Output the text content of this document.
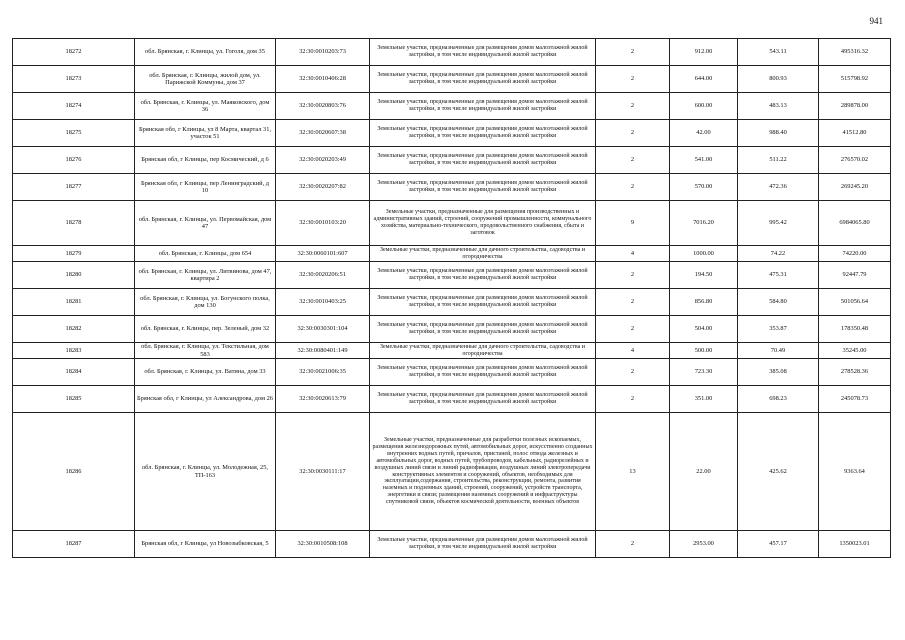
941
18272	обл. Брянская, г. Клинцы, ул. Гоголя, дом 35	32:30:0010203:73	Земельные участки, предназначенные для размещения домов малоэтажной жилой застройки, в том числе индивидуальной жилой застройки	2	912.00	543.11	495316.32
18273	обл. Брянская, г. Клинцы, жилой дом, ул. Парижской Коммуны, дом 37	32:30:0010406:28	Земельные участки, предназначенные для размещения домов малоэтажной жилой застройки, в том числе индивидуальной жилой застройки	2	644.00	800.93	515798.92
18274	обл. Брянская, г. Клинцы, ул. Маяковского, дом 36	32:30:0020803:76	Земельные участки, предназначенные для размещения домов малоэтажной жилой застройки, в том числе индивидуальной жилой застройки	2	600.00	483.13	289878.00
18275	Брянская обл, г Клинцы, ул 8 Марта, квартал 31, участок 51	32:30:0020607:38	Земельные участки, предназначенные для размещения домов малоэтажной жилой застройки, в том числе индивидуальной жилой застройки	2	42.00	988.40	41512.80
18276	Брянская обл, г Клинцы, пер Космический, д 6	32:30:0020203:49	Земельные участки, предназначенные для размещения домов малоэтажной жилой застройки, в том числе индивидуальной жилой застройки	2	541.00	511.22	276570.02
18277	Брянская обл, г Клинцы, пер Ленинградский, д 10	32:30:0020207:82	Земельные участки, предназначенные для размещения домов малоэтажной жилой застройки, в том числе индивидуальной жилой застройки	2	570.00	472.36	269245.20
18278	обл. Брянская, г. Клинцы, ул. Первомайская, дом 47	32:30:0010103:20	Земельные участки, предназначенные для размещения производственных и административных зданий, строений, сооружений промышленности, коммунального хозяйства, материально-технического, продовольственного снабжения, сбыта и заготовок	9	7016.20	995.42	6984065.80
18279	обл. Брянская, г. Клинцы, дом 654	32:30:0060101:607	Земельные участки, предназначенные для дачного строительства, садоводства и огородничества	4	1000.00	74.22	74220.00
18280	обл. Брянская, г. Клинцы, ул. Литвинова, дом 47, квартира 2	32:30:0020206:51	Земельные участки, предназначенные для размещения домов малоэтажной жилой застройки, в том числе индивидуальной жилой застройки	2	194.50	475.31	92447.79
18281	обл. Брянская, г. Клинцы, ул. Богунского полка, дом 130	32:30:0010403:25	Земельные участки, предназначенные для размещения домов малоэтажной жилой застройки, в том числе индивидуальной жилой застройки	2	856.80	584.80	501056.64
18282	обл. Брянская, г. Клинцы, пер. Зеленый, дом 32	32:30:0030301:104	Земельные участки, предназначенные для размещения домов малоэтажной жилой застройки, в том числе индивидуальной жилой застройки	2	504.00	353.87	178350.48
18283	обл. Брянская, г. Клинцы, ул. Текстильная, дом 583	32:30:0080401:149	Земельные участки, предназначенные для дачного строительства, садоводства и огородничества	4	500.00	70.49	35245.00
18284	обл. Брянская, г. Клинцы, ул. Ватина, дом 33	32:30:0021006:35	Земельные участки, предназначенные для размещения домов малоэтажной жилой застройки, в том числе индивидуальной жилой застройки	2	723.30	385.08	278528.36
18285	Брянская обл, г Клинцы, ул Александрова, дом 26	32:30:0020613:79	Земельные участки, предназначенные для размещения домов малоэтажной жилой застройки, в том числе индивидуальной жилой застройки	2	351.00	698.23	245078.73
18286	обл. Брянская, г. Клинцы, ул. Молодежная, 25, ТП-163	32:30:0030111:17	Земельные участки, предназначенные для разработки полезных ископаемых, размещения железнодорожных путей, автомобильных дорог, искусственно созданных внутренних водных путей, причалов, пристаней, полос отвода железных и автомобильных дорог, водных путей, трубопроводов, кабельных, радиорелейных и воздушных линий связи и линий радиофикации, воздушных линий электропередачи конструктивных элементов и сооружений, объектов, необходимых для эксплуатации,содержания, строительства, реконструкции, ремонта, развития наземных и подземных зданий, строений, сооружений, устройств транспорта, энергетики и связи; размещения наземных сооружений и инфраструктуры спутниковой связи, объектов космической деятельности, военных объектов	13	22.00	425.62	9363.64
18287	Брянская обл, г Клинцы, ул Новозыбковская, 5	32:30:0010508:108	Земельные участки, предназначенные для размещения домов малоэтажной жилой застройки, в том числе индивидуальной жилой застройки	2	2953.00	457.17	1350023.01
